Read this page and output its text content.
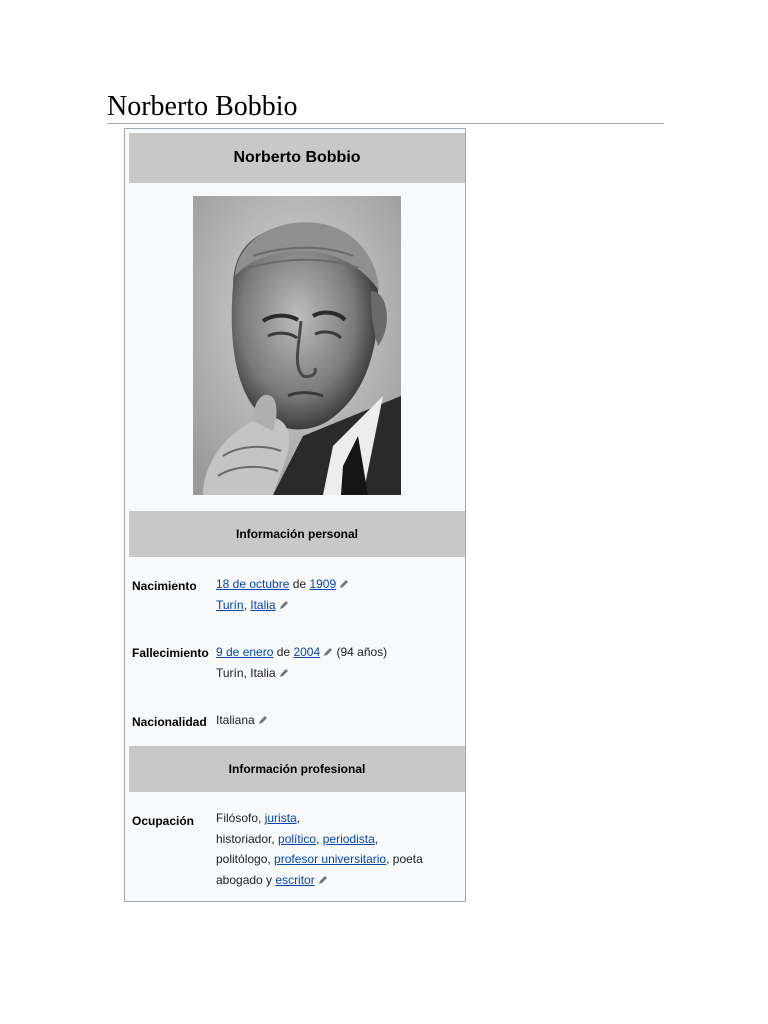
Norberto Bobbio
Norberto Bobbio
Información personal
Nacimiento 18 de octubre de 1909
Turín, Italia
Fallecimiento 9 de enero de 2004 (94 años)
Turín, Italia
Nacionalidad Italiana
Información profesional
Ocupación Filósofo, jurista,
historiador, político, periodista,
politólogo, profesor universitario, poeta
abogado y escritor
